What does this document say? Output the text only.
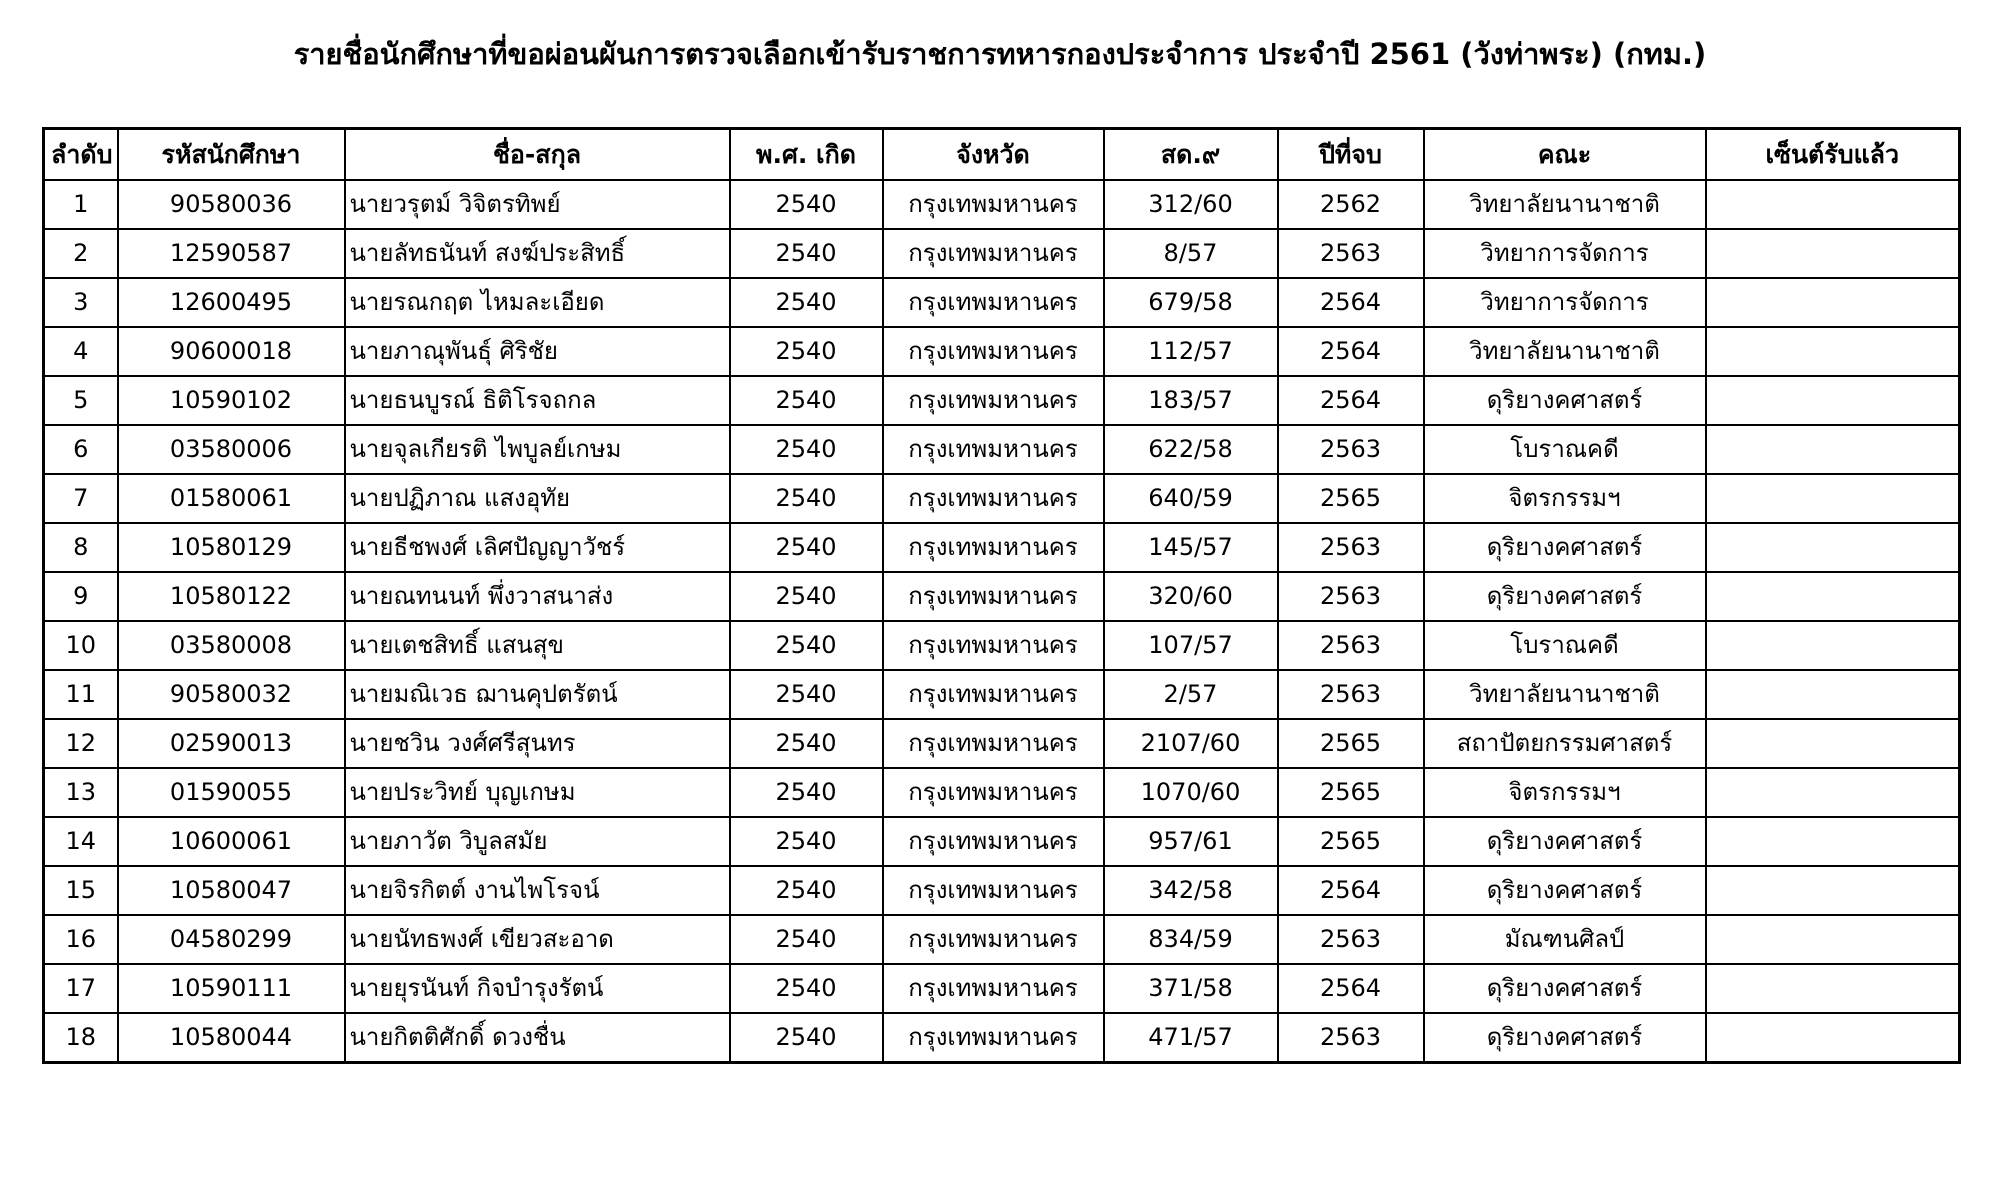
รายชื่อนักศึกษาที่ขอผ่อนผันการตรวจเลือกเข้ารับราชการทหารกองประจำการ ประจำปี 2561 (วังท่าพระ) (กทม.)
ลำดับ	รหัสนักศึกษา	ชื่อ-สกุล	พ.ศ. เกิด	จังหวัด	สด.๙	ปีที่จบ	คณะ	เซ็นต์รับแล้ว
1	90580036	นายวรุตม์ วิจิตรทิพย์	2540	กรุงเทพมหานคร	312/60	2562	วิทยาลัยนานาชาติ	
2	12590587	นายลัทธนันท์ สงฆ์ประสิทธิ์	2540	กรุงเทพมหานคร	8/57	2563	วิทยาการจัดการ	
3	12600495	นายรณกฤต ไหมละเอียด	2540	กรุงเทพมหานคร	679/58	2564	วิทยาการจัดการ	
4	90600018	นายภาณุพันธุ์ ศิริชัย	2540	กรุงเทพมหานคร	112/57	2564	วิทยาลัยนานาชาติ	
5	10590102	นายธนบูรณ์ ธิติโรจถกล	2540	กรุงเทพมหานคร	183/57	2564	ดุริยางคศาสตร์	
6	03580006	นายจุลเกียรติ ไพบูลย์เกษม	2540	กรุงเทพมหานคร	622/58	2563	โบราณคดี	
7	01580061	นายปฏิภาณ แสงอุทัย	2540	กรุงเทพมหานคร	640/59	2565	จิตรกรรมฯ	
8	10580129	นายธีชพงศ์ เลิศปัญญาวัชร์	2540	กรุงเทพมหานคร	145/57	2563	ดุริยางคศาสตร์	
9	10580122	นายณทนนท์ พึ่งวาสนาส่ง	2540	กรุงเทพมหานคร	320/60	2563	ดุริยางคศาสตร์	
10	03580008	นายเตชสิทธิ์ แสนสุข	2540	กรุงเทพมหานคร	107/57	2563	โบราณคดี	
11	90580032	นายมณิเวธ ฌานคุปตรัตน์	2540	กรุงเทพมหานคร	2/57	2563	วิทยาลัยนานาชาติ	
12	02590013	นายชวิน วงศ์ศรีสุนทร	2540	กรุงเทพมหานคร	2107/60	2565	สถาปัตยกรรมศาสตร์	
13	01590055	นายประวิทย์ บุญเกษม	2540	กรุงเทพมหานคร	1070/60	2565	จิตรกรรมฯ	
14	10600061	นายภาวัต วิบูลสมัย	2540	กรุงเทพมหานคร	957/61	2565	ดุริยางคศาสตร์	
15	10580047	นายจิรกิตต์ งานไพโรจน์	2540	กรุงเทพมหานคร	342/58	2564	ดุริยางคศาสตร์	
16	04580299	นายนัทธพงศ์ เขียวสะอาด	2540	กรุงเทพมหานคร	834/59	2563	มัณฑนศิลป์	
17	10590111	นายยุรนันท์ กิจบำรุงรัตน์	2540	กรุงเทพมหานคร	371/58	2564	ดุริยางคศาสตร์	
18	10580044	นายกิตติศักดิ์ ดวงชื่น	2540	กรุงเทพมหานคร	471/57	2563	ดุริยางคศาสตร์	
